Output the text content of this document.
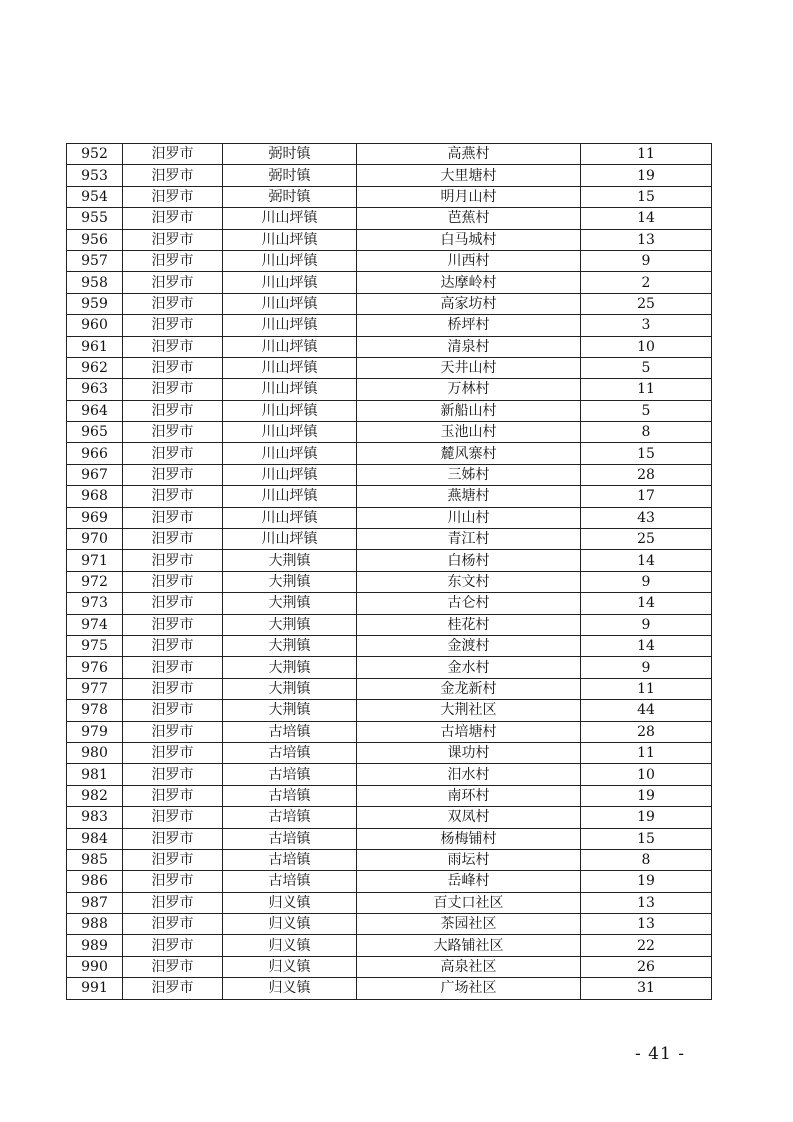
952	汨罗市	弼时镇	高燕村	11
953	汨罗市	弼时镇	大里塘村	19
954	汨罗市	弼时镇	明月山村	15
955	汨罗市	川山坪镇	芭蕉村	14
956	汨罗市	川山坪镇	白马城村	13
957	汨罗市	川山坪镇	川西村	9
958	汨罗市	川山坪镇	达摩岭村	2
959	汨罗市	川山坪镇	高家坊村	25
960	汨罗市	川山坪镇	桥坪村	3
961	汨罗市	川山坪镇	清泉村	10
962	汨罗市	川山坪镇	天井山村	5
963	汨罗市	川山坪镇	万林村	11
964	汨罗市	川山坪镇	新船山村	5
965	汨罗市	川山坪镇	玉池山村	8
966	汨罗市	川山坪镇	麓风寨村	15
967	汨罗市	川山坪镇	三姊村	28
968	汨罗市	川山坪镇	燕塘村	17
969	汨罗市	川山坪镇	川山村	43
970	汨罗市	川山坪镇	青江村	25
971	汨罗市	大荆镇	白杨村	14
972	汨罗市	大荆镇	东文村	9
973	汨罗市	大荆镇	古仑村	14
974	汨罗市	大荆镇	桂花村	9
975	汨罗市	大荆镇	金渡村	14
976	汨罗市	大荆镇	金水村	9
977	汨罗市	大荆镇	金龙新村	11
978	汨罗市	大荆镇	大荆社区	44
979	汨罗市	古培镇	古培塘村	28
980	汨罗市	古培镇	课功村	11
981	汨罗市	古培镇	汨水村	10
982	汨罗市	古培镇	南环村	19
983	汨罗市	古培镇	双凤村	19
984	汨罗市	古培镇	杨梅铺村	15
985	汨罗市	古培镇	雨坛村	8
986	汨罗市	古培镇	岳峰村	19
987	汨罗市	归义镇	百丈口社区	13
988	汨罗市	归义镇	茶园社区	13
989	汨罗市	归义镇	大路铺社区	22
990	汨罗市	归义镇	高泉社区	26
991	汨罗市	归义镇	广场社区	31
- 41 -
